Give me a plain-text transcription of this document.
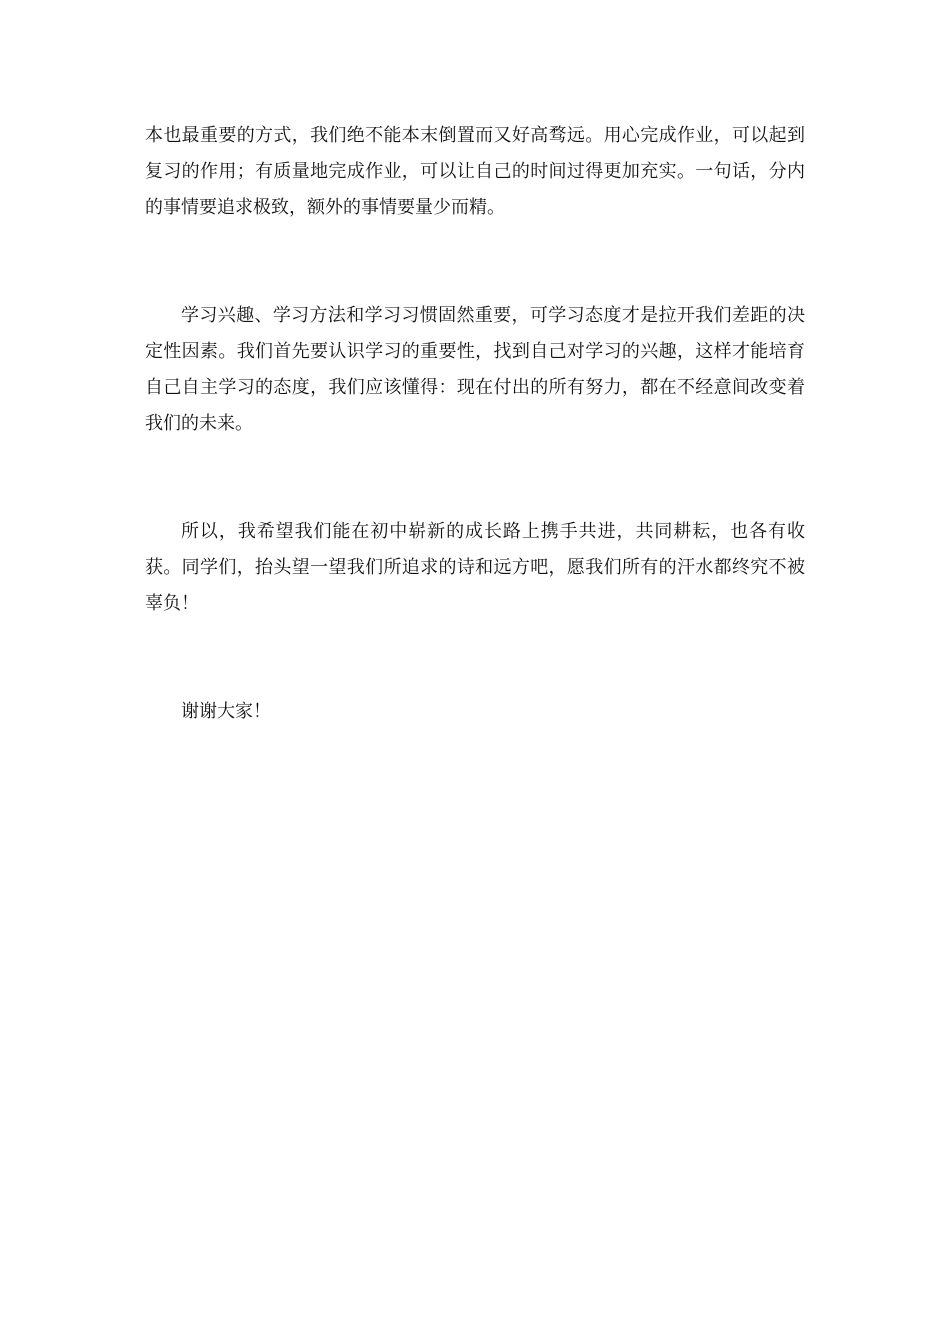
本也最重要的方式，我们绝不能本末倒置而又好高骛远。用心完成作业，可以起到复习的作用；有质量地完成作业，可以让自己的时间过得更加充实。一句话，分内的事情要追求极致，额外的事情要量少而精。

学习兴趣、学习方法和学习习惯固然重要，可学习态度才是拉开我们差距的决定性因素。我们首先要认识学习的重要性，找到自己对学习的兴趣，这样才能培育自己自主学习的态度，我们应该懂得：现在付出的所有努力，都在不经意间改变着我们的未来。

所以，我希望我们能在初中崭新的成长路上携手共进，共同耕耘，也各有收获。同学们，抬头望一望我们所追求的诗和远方吧，愿我们所有的汗水都终究不被辜负！

谢谢大家！
